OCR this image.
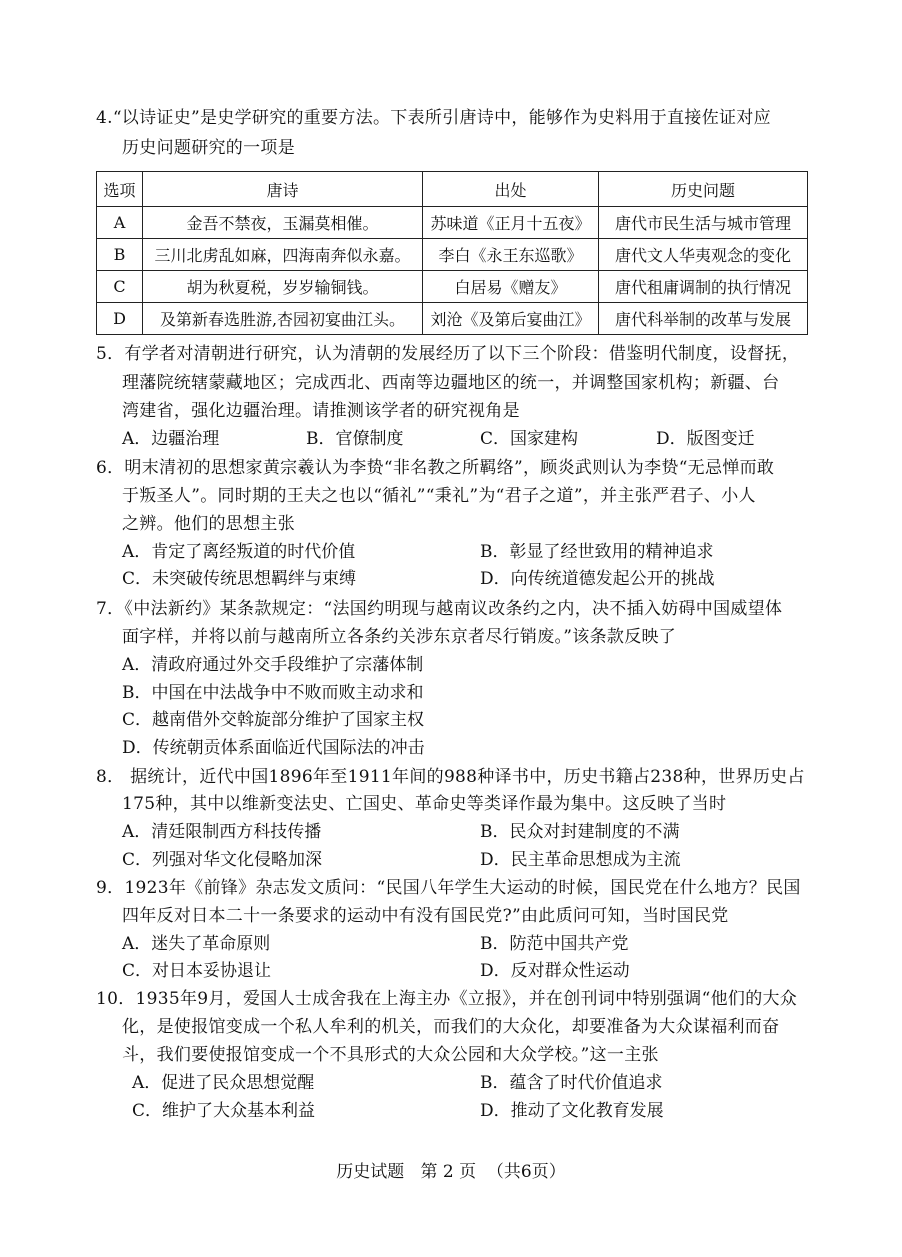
4.“以诗证史”是史学研究的重要方法。下表所引唐诗中，能够作为史料用于直接佐证对应
历史问题研究的一项是
选项	唐诗	出处	历史问题
A	金吾不禁夜，玉漏莫相催。	苏味道《正月十五夜》	唐代市民生活与城市管理
B	三川北虏乱如麻，四海南奔似永嘉。	李白《永王东巡歌》	唐代文人华夷观念的变化
C	胡为秋夏税，岁岁输铜钱。	白居易《赠友》	唐代租庸调制的执行情况
D	及第新春选胜游,杏园初宴曲江头。	刘沧《及第后宴曲江》	唐代科举制的改革与发展
5．有学者对清朝进行研究，认为清朝的发展经历了以下三个阶段：借鉴明代制度，设督抚，
理藩院统辖蒙藏地区；完成西北、西南等边疆地区的统一，并调整国家机构；新疆、台
湾建省，强化边疆治理。请推测该学者的研究视角是
A．边疆治理	B．官僚制度	C．国家建构	D．版图变迁
6．明末清初的思想家黄宗羲认为李贽“非名教之所羁络”，顾炎武则认为李贽“无忌惮而敢
于叛圣人”。同时期的王夫之也以“循礼”“秉礼”为“君子之道”，并主张严君子、小人
之辨。他们的思想主张
A．肯定了离经叛道的时代价值	B．彰显了经世致用的精神追求
C．未突破传统思想羁绊与束缚	D．向传统道德发起公开的挑战
7．《中法新约》某条款规定：“法国约明现与越南议改条约之内，决不插入妨碍中国威望体
面字样，并将以前与越南所立各条约关涉东京者尽行销废。”该条款反映了
A．清政府通过外交手段维护了宗藩体制
B．中国在中法战争中不败而败主动求和
C．越南借外交斡旋部分维护了国家主权
D．传统朝贡体系面临近代国际法的冲击
8． 据统计，近代中国1896年至1911年间的988种译书中，历史书籍占238种，世界历史占
175种，其中以维新变法史、亡国史、革命史等类译作最为集中。这反映了当时
A．清廷限制西方科技传播	B．民众对封建制度的不满
C．列强对华文化侵略加深	D．民主革命思想成为主流
9．1923年《前锋》杂志发文质问：“民国八年学生大运动的时候，国民党在什么地方？民国
四年反对日本二十一条要求的运动中有没有国民党?”由此质问可知，当时国民党
A．迷失了革命原则	B．防范中国共产党
C．对日本妥协退让	D．反对群众性运动
10．1935年9月，爱国人士成舍我在上海主办《立报》，并在创刊词中特别强调“他们的大众
化，是使报馆变成一个私人牟利的机关，而我们的大众化，却要准备为大众谋福利而奋
斗，我们要使报馆变成一个不具形式的大众公园和大众学校。”这一主张
A．促进了民众思想觉醒	B．蕴含了时代价值追求
C．维护了大众基本利益	D．推动了文化教育发展
历史试题   第 2 页  （共6页）
